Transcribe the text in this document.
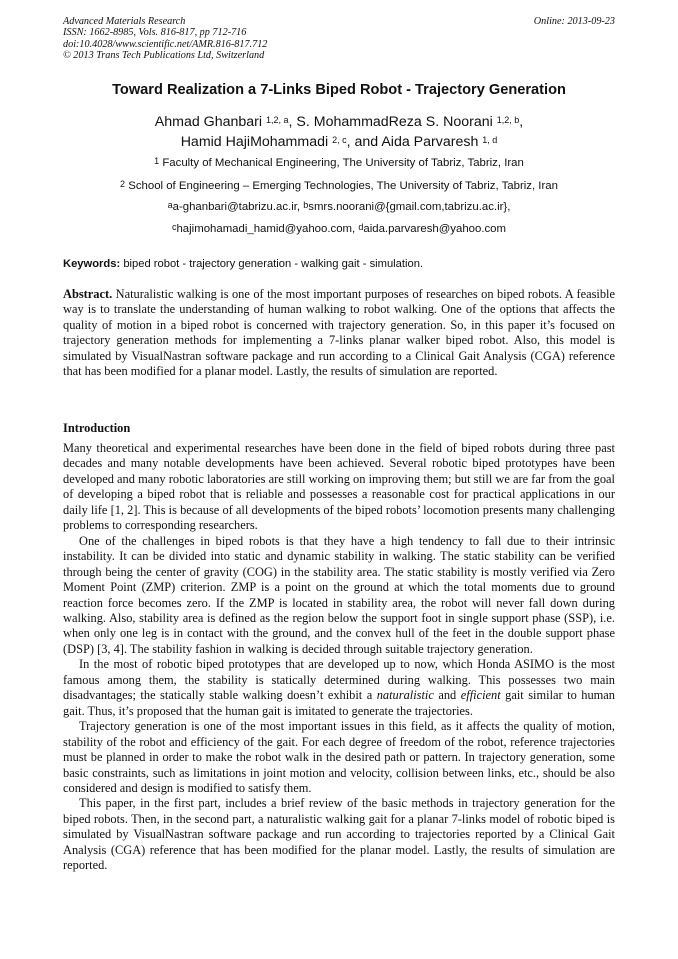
Advanced Materials Research
ISSN: 1662-8985, Vols. 816-817, pp 712-716
doi:10.4028/www.scientific.net/AMR.816-817.712
© 2013 Trans Tech Publications Ltd, Switzerland
Online: 2013-09-23
Toward Realization a 7-Links Biped Robot - Trajectory Generation
Ahmad Ghanbari $^{1,2, a}$, S. MohammadReza S. Noorani $^{1,2, b}$,
Hamid HajiMohammadi $^{2, c}$, and Aida Parvaresh $^{1, d}$
$^1$ Faculty of Mechanical Engineering, The University of Tabriz, Tabriz, Iran
$^2$ School of Engineering – Emerging Technologies, The University of Tabriz, Tabriz, Iran
$^a$a-ghanbari@tabrizu.ac.ir, $^b$smrs.noorani@{gmail.com,tabrizu.ac.ir},
$^c$hajimohamadi_hamid@yahoo.com, $^d$aida.parvaresh@yahoo.com
Keywords: biped robot - trajectory generation - walking gait - simulation.

Abstract. Naturalistic walking is one of the most important purposes of researches on biped robots. A feasible way is to translate the understanding of human walking to robot walking. One of the options that affects the quality of motion in a biped robot is concerned with trajectory generation. So, in this paper it’s focused on trajectory generation methods for implementing a 7-links planar walker biped robot. Also, this model is simulated by VisualNastran software package and run according to a Clinical Gait Analysis (CGA) reference that has been modified for a planar model. Lastly, the results of simulation are reported.

Introduction

Many theoretical and experimental researches have been done in the field of biped robots during three past decades and many notable developments have been achieved. Several robotic biped prototypes have been developed and many robotic laboratories are still working on improving them; but still we are far from the goal of developing a biped robot that is reliable and possesses a reasonable cost for practical applications in our daily life [1, 2]. This is because of all developments of the biped robots’ locomotion presents many challenging problems to corresponding researchers.

One of the challenges in biped robots is that they have a high tendency to fall due to their intrinsic instability. It can be divided into static and dynamic stability in walking. The static stability can be verified through being the center of gravity (COG) in the stability area. The static stability is mostly verified via Zero Moment Point (ZMP) criterion. ZMP is a point on the ground at which the total moments due to ground reaction force becomes zero. If the ZMP is located in stability area, the robot will never fall down during walking. Also, stability area is defined as the region below the support foot in single support phase (SSP), i.e. when only one leg is in contact with the ground, and the convex hull of the feet in the double support phase (DSP) [3, 4]. The stability fashion in walking is decided through suitable trajectory generation.

In the most of robotic biped prototypes that are developed up to now, which Honda ASIMO is the most famous among them, the stability is statically determined during walking. This possesses two main disadvantages; the statically stable walking doesn’t exhibit a naturalistic and efficient gait similar to human gait. Thus, it’s proposed that the human gait is imitated to generate the trajectories.

Trajectory generation is one of the most important issues in this field, as it affects the quality of motion, stability of the robot and efficiency of the gait. For each degree of freedom of the robot, reference trajectories must be planned in order to make the robot walk in the desired path or pattern. In trajectory generation, some basic constraints, such as limitations in joint motion and velocity, collision between links, etc., should be also considered and design is modified to satisfy them.

This paper, in the first part, includes a brief review of the basic methods in trajectory generation for the biped robots. Then, in the second part, a naturalistic walking gait for a planar 7-links model of robotic biped is simulated by VisualNastran software package and run according to trajectories reported by a Clinical Gait Analysis (CGA) reference that has been modified for the planar model. Lastly, the results of simulation are reported.
